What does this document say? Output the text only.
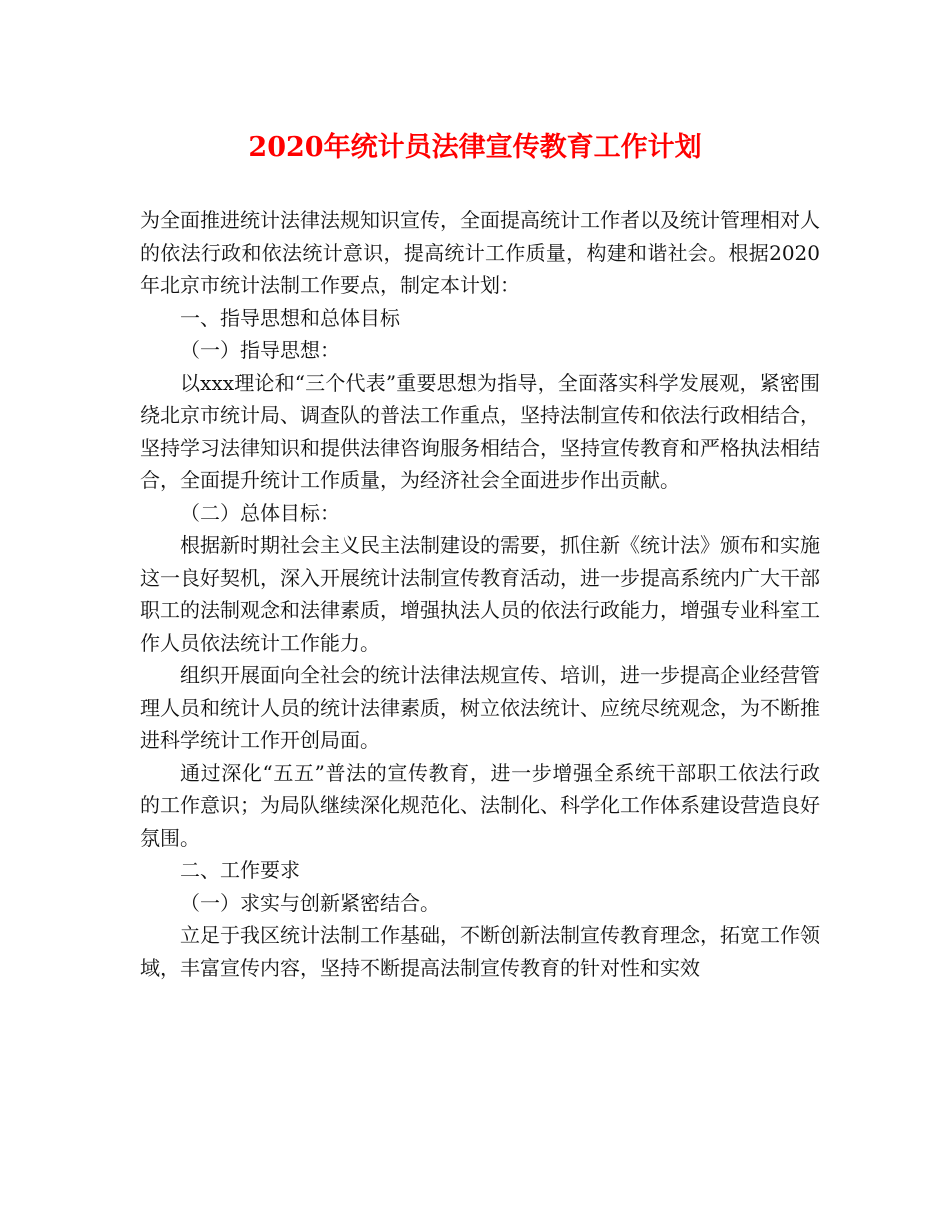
2020年统计员法律宣传教育工作计划

为全面推进统计法律法规知识宣传，全面提高统计工作者以及统计管理相对人的依法行政和依法统计意识，提高统计工作质量，构建和谐社会。根据2020年北京市统计法制工作要点，制定本计划：

一、指导思想和总体目标

（一）指导思想：

以xxx理论和“三个代表”重要思想为指导，全面落实科学发展观，紧密围绕北京市统计局、调查队的普法工作重点，坚持法制宣传和依法行政相结合，坚持学习法律知识和提供法律咨询服务相结合，坚持宣传教育和严格执法相结合，全面提升统计工作质量，为经济社会全面进步作出贡献。

（二）总体目标：

根据新时期社会主义民主法制建设的需要，抓住新《统计法》颁布和实施这一良好契机，深入开展统计法制宣传教育活动，进一步提高系统内广大干部职工的法制观念和法律素质，增强执法人员的依法行政能力，增强专业科室工作人员依法统计工作能力。

组织开展面向全社会的统计法律法规宣传、培训，进一步提高企业经营管理人员和统计人员的统计法律素质，树立依法统计、应统尽统观念，为不断推进科学统计工作开创局面。

通过深化“五五”普法的宣传教育，进一步增强全系统干部职工依法行政的工作意识；为局队继续深化规范化、法制化、科学化工作体系建设营造良好氛围。

二、工作要求

（一）求实与创新紧密结合。

立足于我区统计法制工作基础，不断创新法制宣传教育理念，拓宽工作领域，丰富宣传内容，坚持不断提高法制宣传教育的针对性和实效
